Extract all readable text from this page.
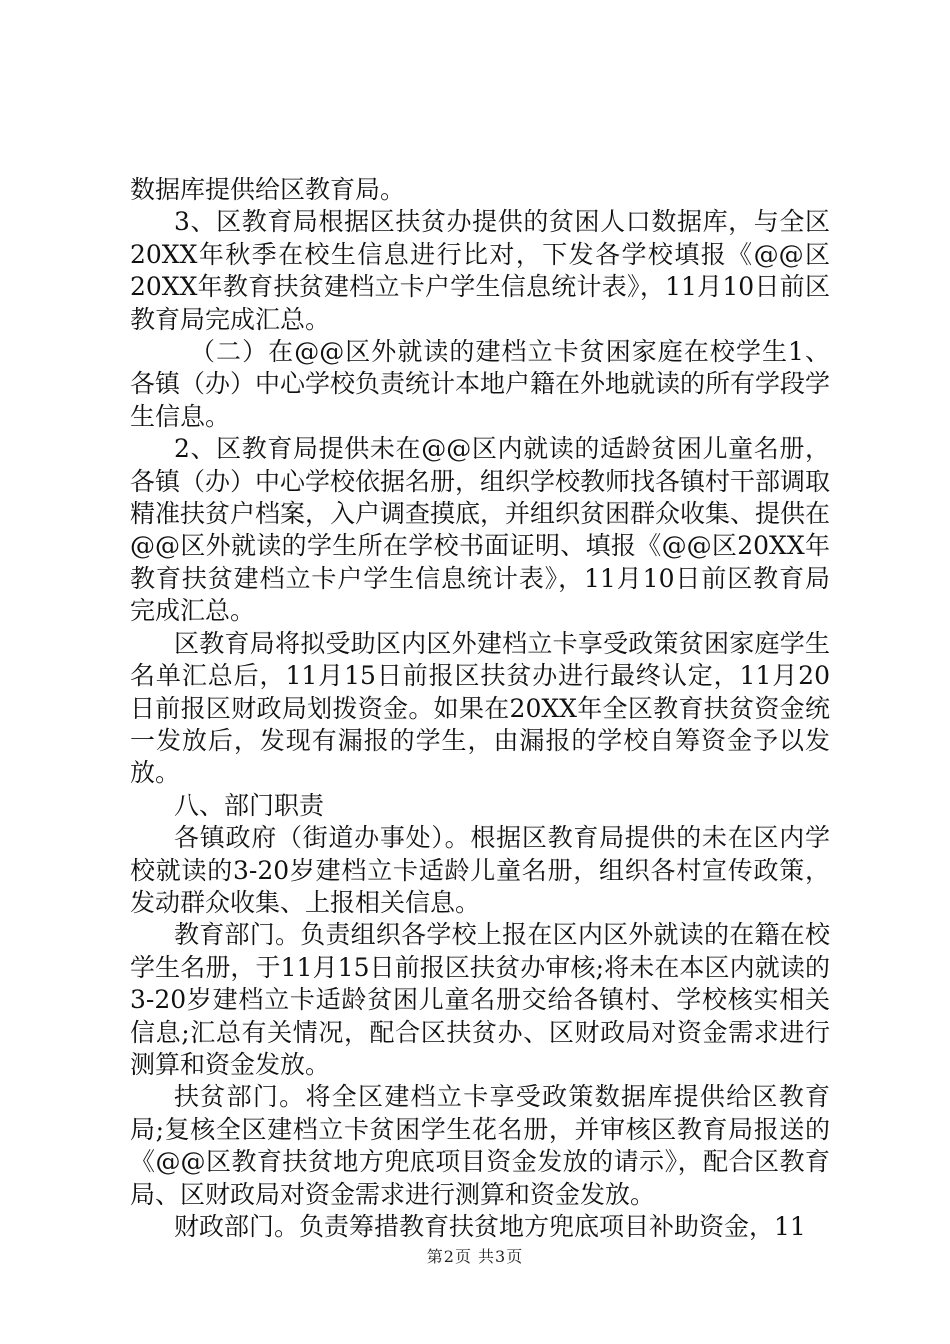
数据库提供给区教育局。

3、区教育局根据区扶贫办提供的贫困人口数据库，与全区20XX年秋季在校生信息进行比对，下发各学校填报《@@区20XX年教育扶贫建档立卡户学生信息统计表》，11月10日前区教育局完成汇总。

（二）在@@区外就读的建档立卡贫困家庭在校学生1、各镇（办）中心学校负责统计本地户籍在外地就读的所有学段学生信息。

2、区教育局提供未在@@区内就读的适龄贫困儿童名册，各镇（办）中心学校依据名册，组织学校教师找各镇村干部调取精准扶贫户档案，入户调查摸底，并组织贫困群众收集、提供在@@区外就读的学生所在学校书面证明、填报《@@区20XX年教育扶贫建档立卡户学生信息统计表》，11月10日前区教育局完成汇总。

区教育局将拟受助区内区外建档立卡享受政策贫困家庭学生名单汇总后，11月15日前报区扶贫办进行最终认定，11月20日前报区财政局划拨资金。如果在20XX年全区教育扶贫资金统一发放后，发现有漏报的学生，由漏报的学校自筹资金予以发放。

八、部门职责

各镇政府（街道办事处）。根据区教育局提供的未在区内学校就读的3-20岁建档立卡适龄儿童名册，组织各村宣传政策，发动群众收集、上报相关信息。

教育部门。负责组织各学校上报在区内区外就读的在籍在校学生名册，于11月15日前报区扶贫办审核;将未在本区内就读的3-20岁建档立卡适龄贫困儿童名册交给各镇村、学校核实相关信息;汇总有关情况，配合区扶贫办、区财政局对资金需求进行测算和资金发放。

扶贫部门。将全区建档立卡享受政策数据库提供给区教育局;复核全区建档立卡贫困学生花名册，并审核区教育局报送的《@@区教育扶贫地方兜底项目资金发放的请示》，配合区教育局、区财政局对资金需求进行测算和资金发放。

财政部门。负责筹措教育扶贫地方兜底项目补助资金，11

第2页 共3页
